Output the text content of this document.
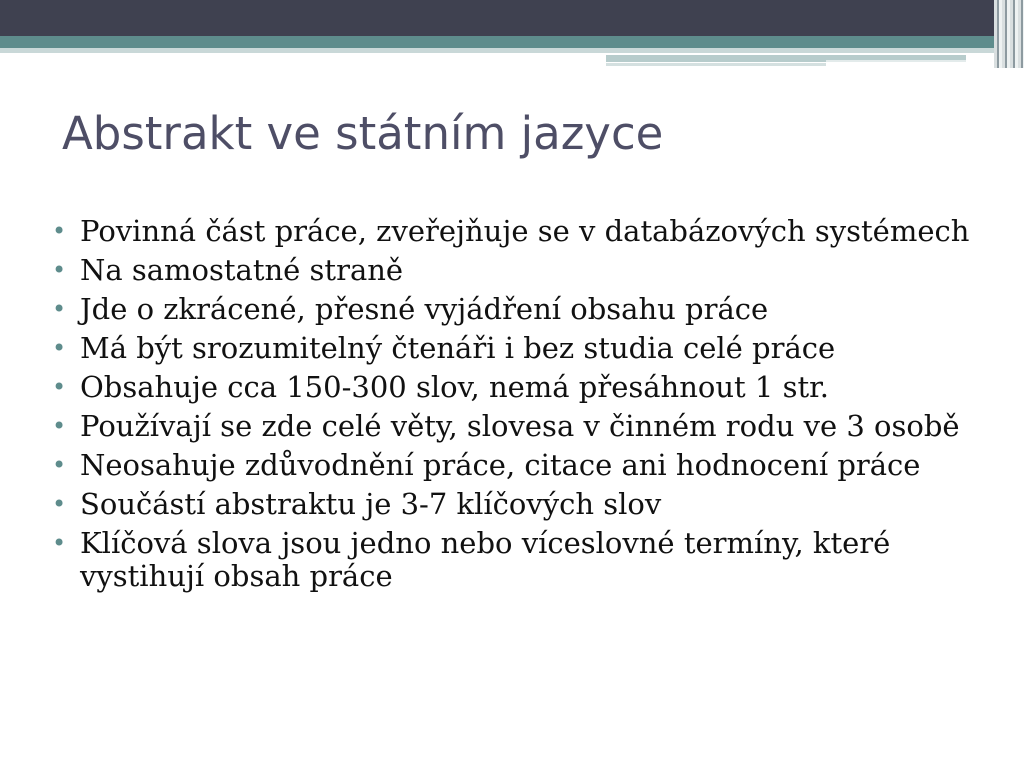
Abstrakt ve státním jazyce
• Povinná část práce, zveřejňuje se v databázových systémech
• Na samostatné straně
• Jde o zkrácené, přesné vyjádření obsahu práce
• Má být srozumitelný čtenáři i bez studia celé práce
• Obsahuje cca 150-300 slov, nemá přesáhnout 1 str.
• Používají se zde celé věty, slovesa v činném rodu ve 3 osobě
• Neosahuje zdůvodnění práce, citace ani hodnocení práce
• Součástí abstraktu je 3-7 klíčových slov
• Klíčová slova jsou jedno nebo víceslovné termíny, které vystihují obsah práce
